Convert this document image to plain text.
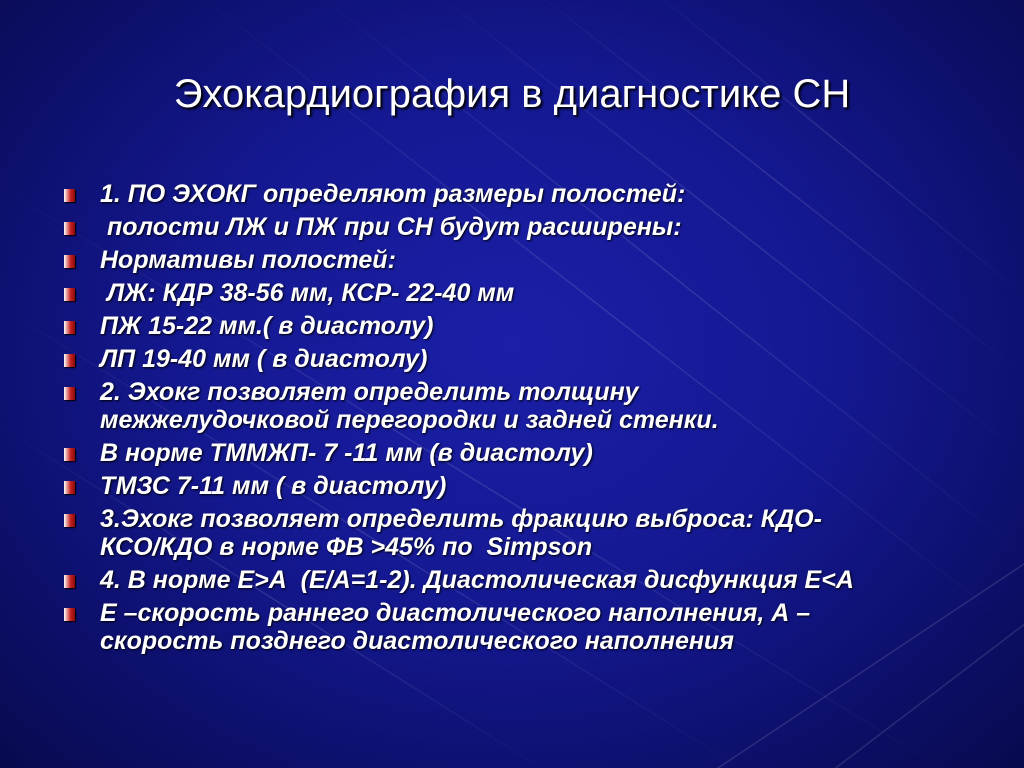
Эхокардиография в диагностике СН
1. ПО ЭХОКГ определяют размеры полостей:
полости ЛЖ и ПЖ при СН будут расширены:
Нормативы полостей:
ЛЖ: КДР 38-56 мм, КСР- 22-40 мм
ПЖ 15-22 мм.( в диастолу)
ЛП 19-40 мм ( в диастолу)
2. Эхокг позволяет определить толщину
межжелудочковой перегородки и задней стенки.
В норме ТММЖП- 7 -11 мм (в диастолу)
ТМЗС 7-11 мм ( в диастолу)
3.Эхокг позволяет определить фракцию выброса: КДО-
КСО/КДО в норме ФВ >45% по  Simpson
4. В норме Е>А  (Е/А=1-2). Диастолическая дисфункция Е<А
Е –скорость раннего диастолического наполнения, А –
скорость позднего диастолического наполнения
